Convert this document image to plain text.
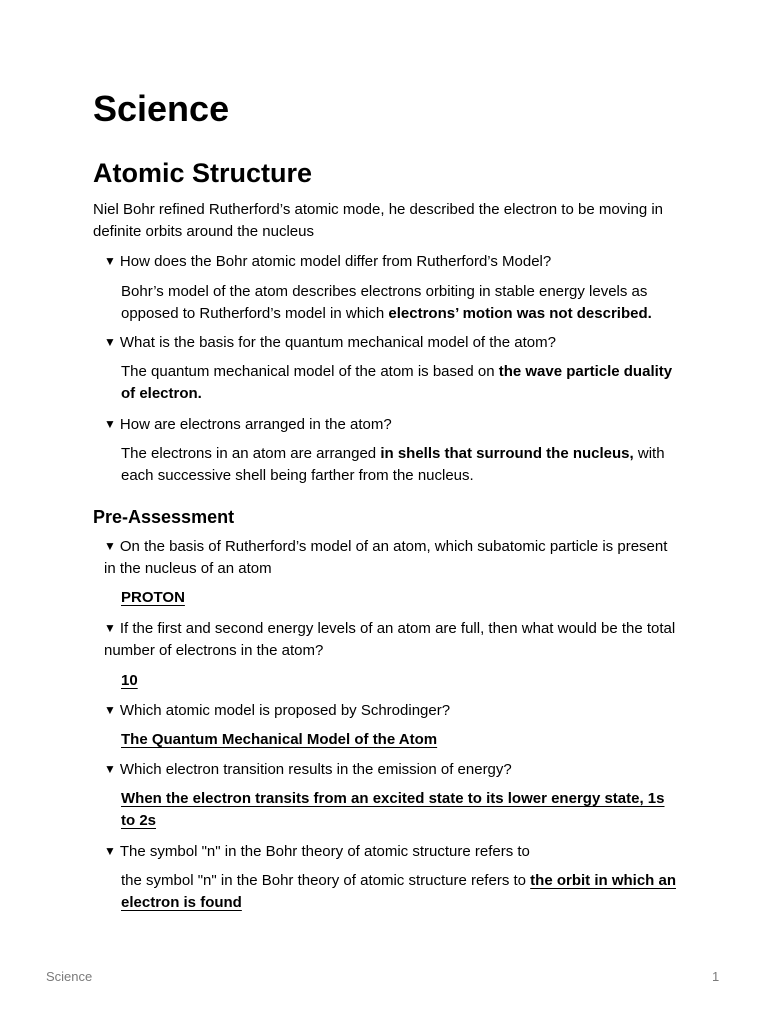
Science
Atomic Structure

Niel Bohr refined Rutherford’s atomic mode, he described the electron to be moving in definite orbits around the nucleus

▼ How does the Bohr atomic model differ from Rutherford’s Model?

Bohr’s model of the atom describes electrons orbiting in stable energy levels as opposed to Rutherford’s model in which electrons’ motion was not described.

▼ What is the basis for the quantum mechanical model of the atom?

The quantum mechanical model of the atom is based on the wave particle duality of electron.

▼ How are electrons arranged in the atom?

The electrons in an atom are arranged in shells that surround the nucleus, with each successive shell being farther from the nucleus.

Pre-Assessment

▼ On the basis of Rutherford’s model of an atom, which subatomic particle is present in the nucleus of an atom

PROTON

▼ If the first and second energy levels of an atom are full, then what would be the total number of electrons in the atom?

10

▼ Which atomic model is proposed by Schrodinger?

The Quantum Mechanical Model of the Atom

▼ Which electron transition results in the emission of energy?

When the electron transits from an excited state to its lower energy state, 1s to 2s

▼ The symbol "n" in the Bohr theory of atomic structure refers to

the symbol "n" in the Bohr theory of atomic structure refers to the orbit in which an electron is found

Science	1
